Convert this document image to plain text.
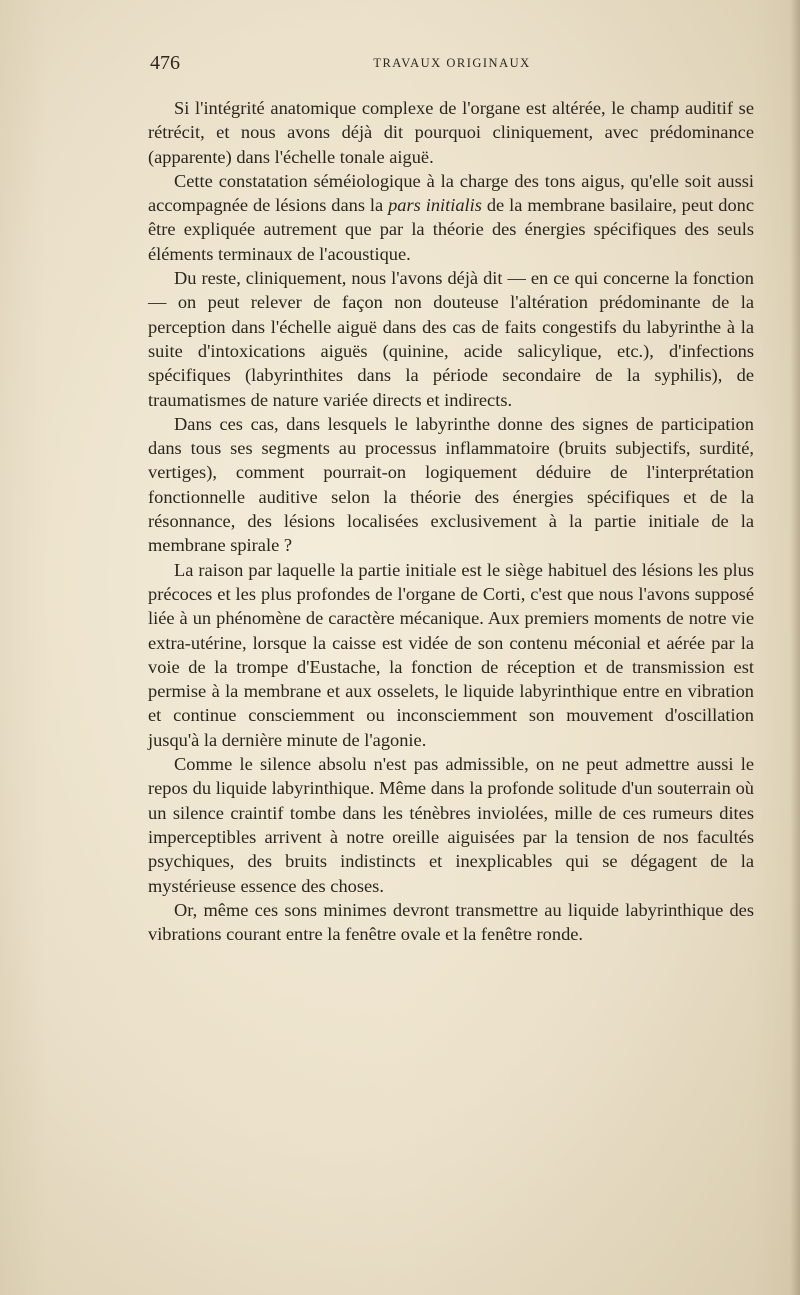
476	TRAVAUX ORIGINAUX

Si l'intégrité anatomique complexe de l'organe est altérée, le champ auditif se rétrécit, et nous avons déjà dit pourquoi cliniquement, avec prédominance (apparente) dans l'échelle tonale aiguë.

Cette constatation séméiologique à la charge des tons aigus, qu'elle soit aussi accompagnée de lésions dans la pars initialis de la membrane basilaire, peut donc être expliquée autrement que par la théorie des énergies spécifiques des seuls éléments terminaux de l'acoustique.

Du reste, cliniquement, nous l'avons déjà dit — en ce qui concerne la fonction — on peut relever de façon non douteuse l'altération prédominante de la perception dans l'échelle aiguë dans des cas de faits congestifs du labyrinthe à la suite d'intoxications aiguës (quinine, acide salicylique, etc.), d'infections spécifiques (labyrinthites dans la période secondaire de la syphilis), de traumatismes de nature variée directs et indirects.

Dans ces cas, dans lesquels le labyrinthe donne des signes de participation dans tous ses segments au processus inflammatoire (bruits subjectifs, surdité, vertiges), comment pourrait-on logiquement déduire de l'interprétation fonctionnelle auditive selon la théorie des énergies spécifiques et de la résonnance, des lésions localisées exclusivement à la partie initiale de la membrane spirale ?

La raison par laquelle la partie initiale est le siège habituel des lésions les plus précoces et les plus profondes de l'organe de Corti, c'est que nous l'avons supposé liée à un phénomène de caractère mécanique. Aux premiers moments de notre vie extra-utérine, lorsque la caisse est vidée de son contenu méconial et aérée par la voie de la trompe d'Eustache, la fonction de réception et de transmission est permise à la membrane et aux osselets, le liquide labyrinthique entre en vibration et continue consciemment ou inconsciemment son mouvement d'oscillation jusqu'à la dernière minute de l'agonie.

Comme le silence absolu n'est pas admissible, on ne peut admettre aussi le repos du liquide labyrinthique. Même dans la profonde solitude d'un souterrain où un silence craintif tombe dans les ténèbres inviolées, mille de ces rumeurs dites imperceptibles arrivent à notre oreille aiguisées par la tension de nos facultés psychiques, des bruits indistincts et inexplicables qui se dégagent de la mystérieuse essence des choses.

Or, même ces sons minimes devront transmettre au liquide labyrinthique des vibrations courant entre la fenêtre ovale et la fenêtre ronde.
